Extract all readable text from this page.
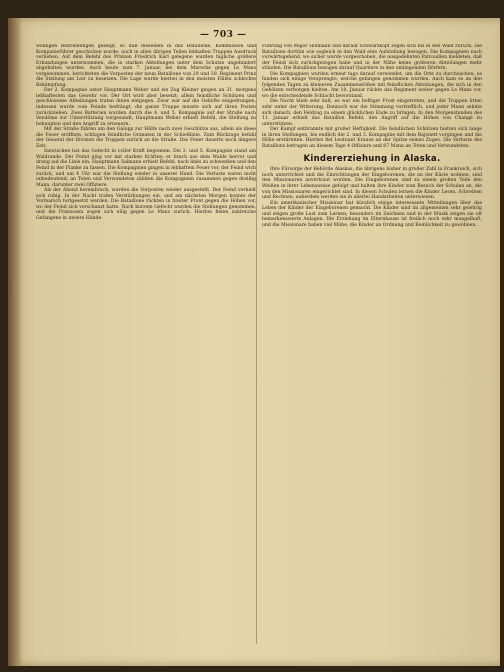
·
·
'
·
·
— 703 —

wohligen Beitreibungen gezeigt, so daß dieselben in das Bataillone, Kommission und Kompanieführer geschicken wurde, auch in allen übrigen Teilen lebhaften Truppen Ausdruck verliehen, Auf dem Befehl des Prinzen Friedrich Karl gelegene wurden tägliche größere Erkundungen unternommen, die in starken Abteilungen unter dem Schutze ungehindert abgehalten wurden. Auch heute zum 7. Januar, bei dem Marsche gegen Le Mans vorgenommen, berichteten die Vorposten der neun Bataillone von 29 und 30. Regiment Prinz die Stellung am Loir zu besetzen. Die Lage wurde hierbei in den meisten Fällen schlechte Bekämpfung.

Der 2. Kompagnie unter Hauptmann Weber und ein Zug Kleiner gingen an 31. morgens lebhaftesten das Gewehr vor. Der Ort wird aber besetzt; allein feindliche Schützen und geschlossene Abteilungen traten ihnen entgegen. Zwar war auf die Gehöfte eingedrungen, indessen wurde vom Feinde bedrängt, die ganze Truppe musste sich auf ihren Posten zurückziehen. Zwei Batterien wurden durch die 4. und 5. Kompagnie auf der Straße nach Vendôme zur Unterstützung vorgesandt; Hauptmann Weber erhielt Befehl, die Stellung zu behaupten und den Angriff zu erneuern.

Mit der Straße führen am den Galopp zur Hülfe nach zwei Geschütze aus, allein als diese die Feuer eröffnen, schlugen feindliche Granaten in der Schießlinie. Zum Rückzuge befahl der General der Division die Truppen zurück an die Straße. Das Feuer dauerte noch längere Zeit.

Inzwischen hat das Gefecht in voller Kraft begonnen. Die 3. und 5. Kompagnie stand am Waldrande. Der Feind ging vor mit starken Kräften; er brach aus dem Walde hervor und drang auf die Linie ein. Hauptmann Salmann erhielt Befehl, nach links zu schwenken und den Feind in der Flanke zu fassen. Die Kompagnien gingen in lebhaftem Feuer vor, der Feind wich zurück, und um 4 Uhr war die Stellung wieder in unserer Hand. Die Verluste waren nicht unbedeutend; an Toten und Verwundeten zählten die Kompagnien zusammen gegen dreißig Mann, darunter zwei Offiziere.

Als der Abend hereinbrach, wurden die Vorposten wieder ausgestellt. Der Feind verhielt sich ruhig. In der Nacht trafen Verstärkungen ein, und am nächsten Morgen konnte der Vormarsch fortgesetzt werden. Die Bataillone rückten in breiter Front gegen die Höhen vor, wo der Feind sich verschanzt hatte. Nach kurzem Gefecht wurden die Stellungen genommen, und die Franzosen zogen sich eilig gegen Le Mans zurück. Hierbei fielen zahlreiche Gefangene in unsere Hände.

Führung von Major Hofmann und darauf Schwarzkopf zogen sich bis in den Wald zurück. Die Bataillone dorthin wie sogleich in den Wald eine Aufstellung bezogen. Die Kompagnien nach vorwärtsgehend, wo sicher wurde vorgeschoben, die ausgedehnten Patrouillen meldeten, daß der Feind sich zurückgezogen habe und in der Nähe keine größeren Abteilungen mehr stünden. Die Bataillone bezogen darauf Quartiere in den umliegenden Dörfern.

Die Kompagnien wurden erneut tags darauf verwendet, um die Orte zu durchsuchen; es fanden sich einige Versprengte, welche gefangen genommen wurden. Auch kam es an den folgenden Tagen zu kleineren Zusammenstößen mit feindlichen Abteilungen, die sich in den Gehölzen verborgen hielten. Am 10. Januar rückte das Regiment weiter gegen Le Mans vor, wo die entscheidende Schlacht bevorstand.

Die Nacht blieb sehr kalt, es war ein heftiger Frost eingetreten, und die Truppen litten sehr unter der Witterung. Dennoch war die Stimmung vortrefflich, und jeder Mann sehnte sich danach, den Feldzug zu einem glücklichen Ende zu bringen. In den Morgenstunden des 11. Januar erhielt das Bataillon Befehl, den Angriff auf die Höhen von Changé zu unterstützen.

Der Kampf entbrannte mit großer Heftigkeit. Die feindlichen Schützen hielten sich lange in ihren Stellungen, bis endlich die 2. und 3. Kompagnie mit dem Bajonett vorgingen und die Höhe erstürmten. Hierbei fiel Leutnant Krause an der Spitze seines Zuges. Die Verluste des Bataillons betrugen an diesem Tage 4 Offiziere und 87 Mann an Toten und Verwundeten.

Kindererziehung in Alaska.

Ihre Fürsorge der Behörde Alaskas, die übrigens bisher in großer Zahl in Frankreich, sich noch unterrichtet und die Einrichtungen der Eingeborenen, die an der Küste wohnen, sind den Missionaren anvertraut worden. Die Eingeborenen sind zu einem großen Teile den Weißen in ihrer Lebensweise gefolgt und halten ihre Kinder zum Besuch der Schulen an, die von den Missionaren eingerichtet sind. In diesen Schulen lernen die Kinder Lesen, Schreiben und Rechnen, außerdem werden sie in allerlei Handarbeiten unterwiesen.

Ein amerikanischer Missionar hat kürzlich einige interessante Mitteilungen über das Leben der Kinder der Eingeborenen gemacht. Die Kinder sind im allgemeinen sehr gelehrig und zeigen große Lust zum Lernen; besonders im Zeichnen und in der Musik zeigen sie oft bemerkenswerte Anlagen. Die Erziehung im Elternhause ist freilich noch sehr mangelhaft, und die Missionare haben viel Mühe, die Kinder an Ordnung und Reinlichkeit zu gewöhnen.
